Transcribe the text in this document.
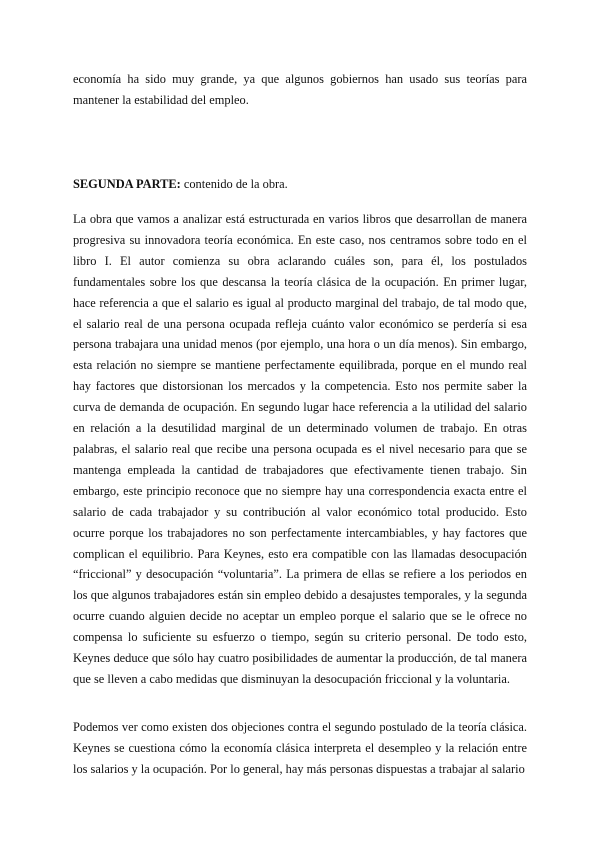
economía ha sido muy grande, ya que algunos gobiernos han usado sus teorías para mantener la estabilidad del empleo.

SEGUNDA PARTE: contenido de la obra.

La obra que vamos a analizar está estructurada en varios libros que desarrollan de manera progresiva su innovadora teoría económica. En este caso, nos centramos sobre todo en el libro I. El autor comienza su obra aclarando cuáles son, para él, los postulados fundamentales sobre los que descansa la teoría clásica de la ocupación. En primer lugar, hace referencia a que el salario es igual al producto marginal del trabajo, de tal modo que, el salario real de una persona ocupada refleja cuánto valor económico se perdería si esa persona trabajara una unidad menos (por ejemplo, una hora o un día menos). Sin embargo, esta relación no siempre se mantiene perfectamente equilibrada, porque en el mundo real hay factores que distorsionan los mercados y la competencia. Esto nos permite saber la curva de demanda de ocupación. En segundo lugar hace referencia a la utilidad del salario en relación a la desutilidad marginal de un determinado volumen de trabajo. En otras palabras, el salario real que recibe una persona ocupada es el nivel necesario para que se mantenga empleada la cantidad de trabajadores que efectivamente tienen trabajo. Sin embargo, este principio reconoce que no siempre hay una correspondencia exacta entre el salario de cada trabajador y su contribución al valor económico total producido. Esto ocurre porque los trabajadores no son perfectamente intercambiables, y hay factores que complican el equilibrio. Para Keynes, esto era compatible con las llamadas desocupación “friccional” y desocupación “voluntaria”. La primera de ellas se refiere a los periodos en los que algunos trabajadores están sin empleo debido a desajustes temporales, y la segunda ocurre cuando alguien decide no aceptar un empleo porque el salario que se le ofrece no compensa lo suficiente su esfuerzo o tiempo, según su criterio personal. De todo esto, Keynes deduce que sólo hay cuatro posibilidades de aumentar la producción, de tal manera que se lleven a cabo medidas que disminuyan la desocupación friccional y la voluntaria.

Podemos ver como existen dos objeciones contra el segundo postulado de la teoría clásica. Keynes se cuestiona cómo la economía clásica interpreta el desempleo y la relación entre los salarios y la ocupación. Por lo general, hay más personas dispuestas a trabajar al salario
